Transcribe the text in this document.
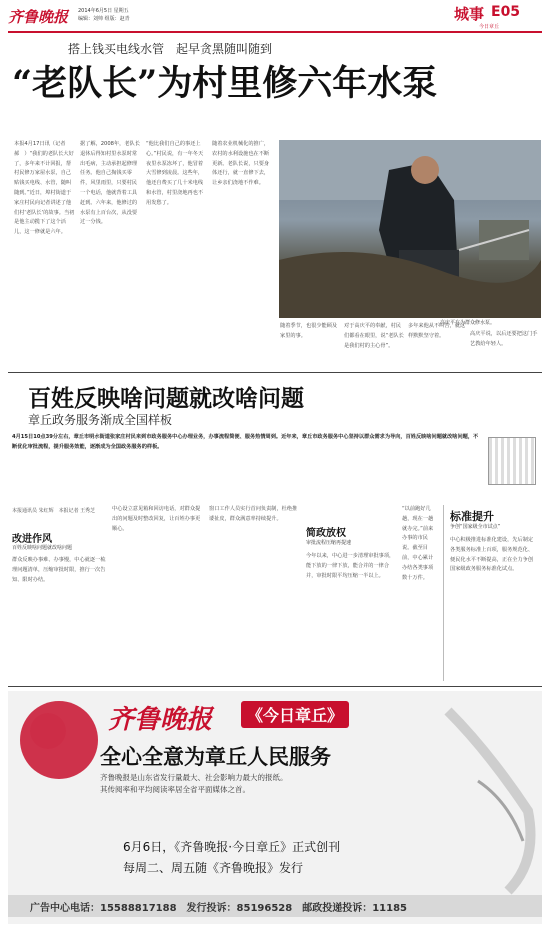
齐鲁晚报 2014年6月5日 星期五
编辑：刘帅 组版：赵青	城事 E05
今日章丘
搭上钱买电线水管　起早贪黑随叫随到
“老队长”为村里修六年水泵
本报4月17日讯（记者 郝　）“我们的老队长大好了，多年来不计回报，帮村民修万家屋水泵，自己贴钱买电线、水管，随叫随到。”近日，埠村街道于家庄村民向记者讲述了他们村‘老队长’的故事。当初是他主动揽下了这个活儿，这一修就是六年。
据了解，2008年，老队长退休后得知村里水泵时常出毛病，主动承担起修理任务。他自己掏钱买零件，风里雨里，只要村民一个电话，他就背着工具赶到。六年来，他修过的水泵有上百台次，从没要过一分钱。
“他比我们自己的事还上心。”村民说，有一年冬天夜里水泵冻坏了，他冒着大雪修到凌晨。这些年，他还自费买了几十米电线和水管，村里浇地再也不用发愁了。
随着农业机械化的推广，农村的水利设施也在不断更新。老队长说，只要身体还行，就一直修下去，让乡亲们浇地不作难。
高庆平在为群众修水泵。
随着季节，也很少能顾及家里的事。
对于高庆平的奉献，村民们都看在眼里，说“老队长是我们村的主心骨”。
多年来他从不叫苦，就这样默默坚守着。	高庆平说，以后还要把这门手艺教给年轻人。
百姓反映啥问题就改啥问题
章丘政务服务渐成全国样板
4月15日10点39分左右，章丘市明水街道张家庄村民来到市政务服务中心办理业务，办事流程简便、服务热情周到。近年来，章丘市政务服务中心坚持以群众需求为导向，百姓反映啥问题就改啥问题，不断优化审批流程，提升服务效能，逐渐成为全国政务服务的样板。
本报通讯员 朱红辉　本报记者 王秀芝
改进作风
百姓反映啥问题就改啥问题
群众反映办事难、办事慢，中心就逐一梳理问题清单，压缩审批时限，推行一次告知、限时办结。
中心设立意见箱和回访电话，对群众提出的问题及时整改回复，让百姓办事更顺心。
窗口工作人员实行首问负责制，杜绝推诿扯皮，群众满意率持续提升。
简政放权
审批流程压缩再提速
今年以来，中心进一步清理审批事项，能下放的一律下放，能合并的一律合并，审批时限平均压缩一半以上。
“以前跑好几趟，现在一趟就办完。”前来办事的市民说。截至目前，中心累计办结各类事项数十万件。
标准提升
争创“国家级全市试点”
中心积极推进标准化建设，先后制定各类服务标准上百项，服务规范化、便民化水平不断提高，正在全力争创国家级政务服务标准化试点。
齐鲁晚报	《今日章丘》
全心全意为章丘人民服务
齐鲁晚报是山东省发行量最大、社会影响力最大的报纸。
其传阅率和平均阅读率居全省平面媒体之首。
6月6日，《齐鲁晚报·今日章丘》正式创刊
每周二、周五随《齐鲁晚报》发行
广告中心电话：15588817188　发行投诉：85196528　邮政投递投诉：11185
